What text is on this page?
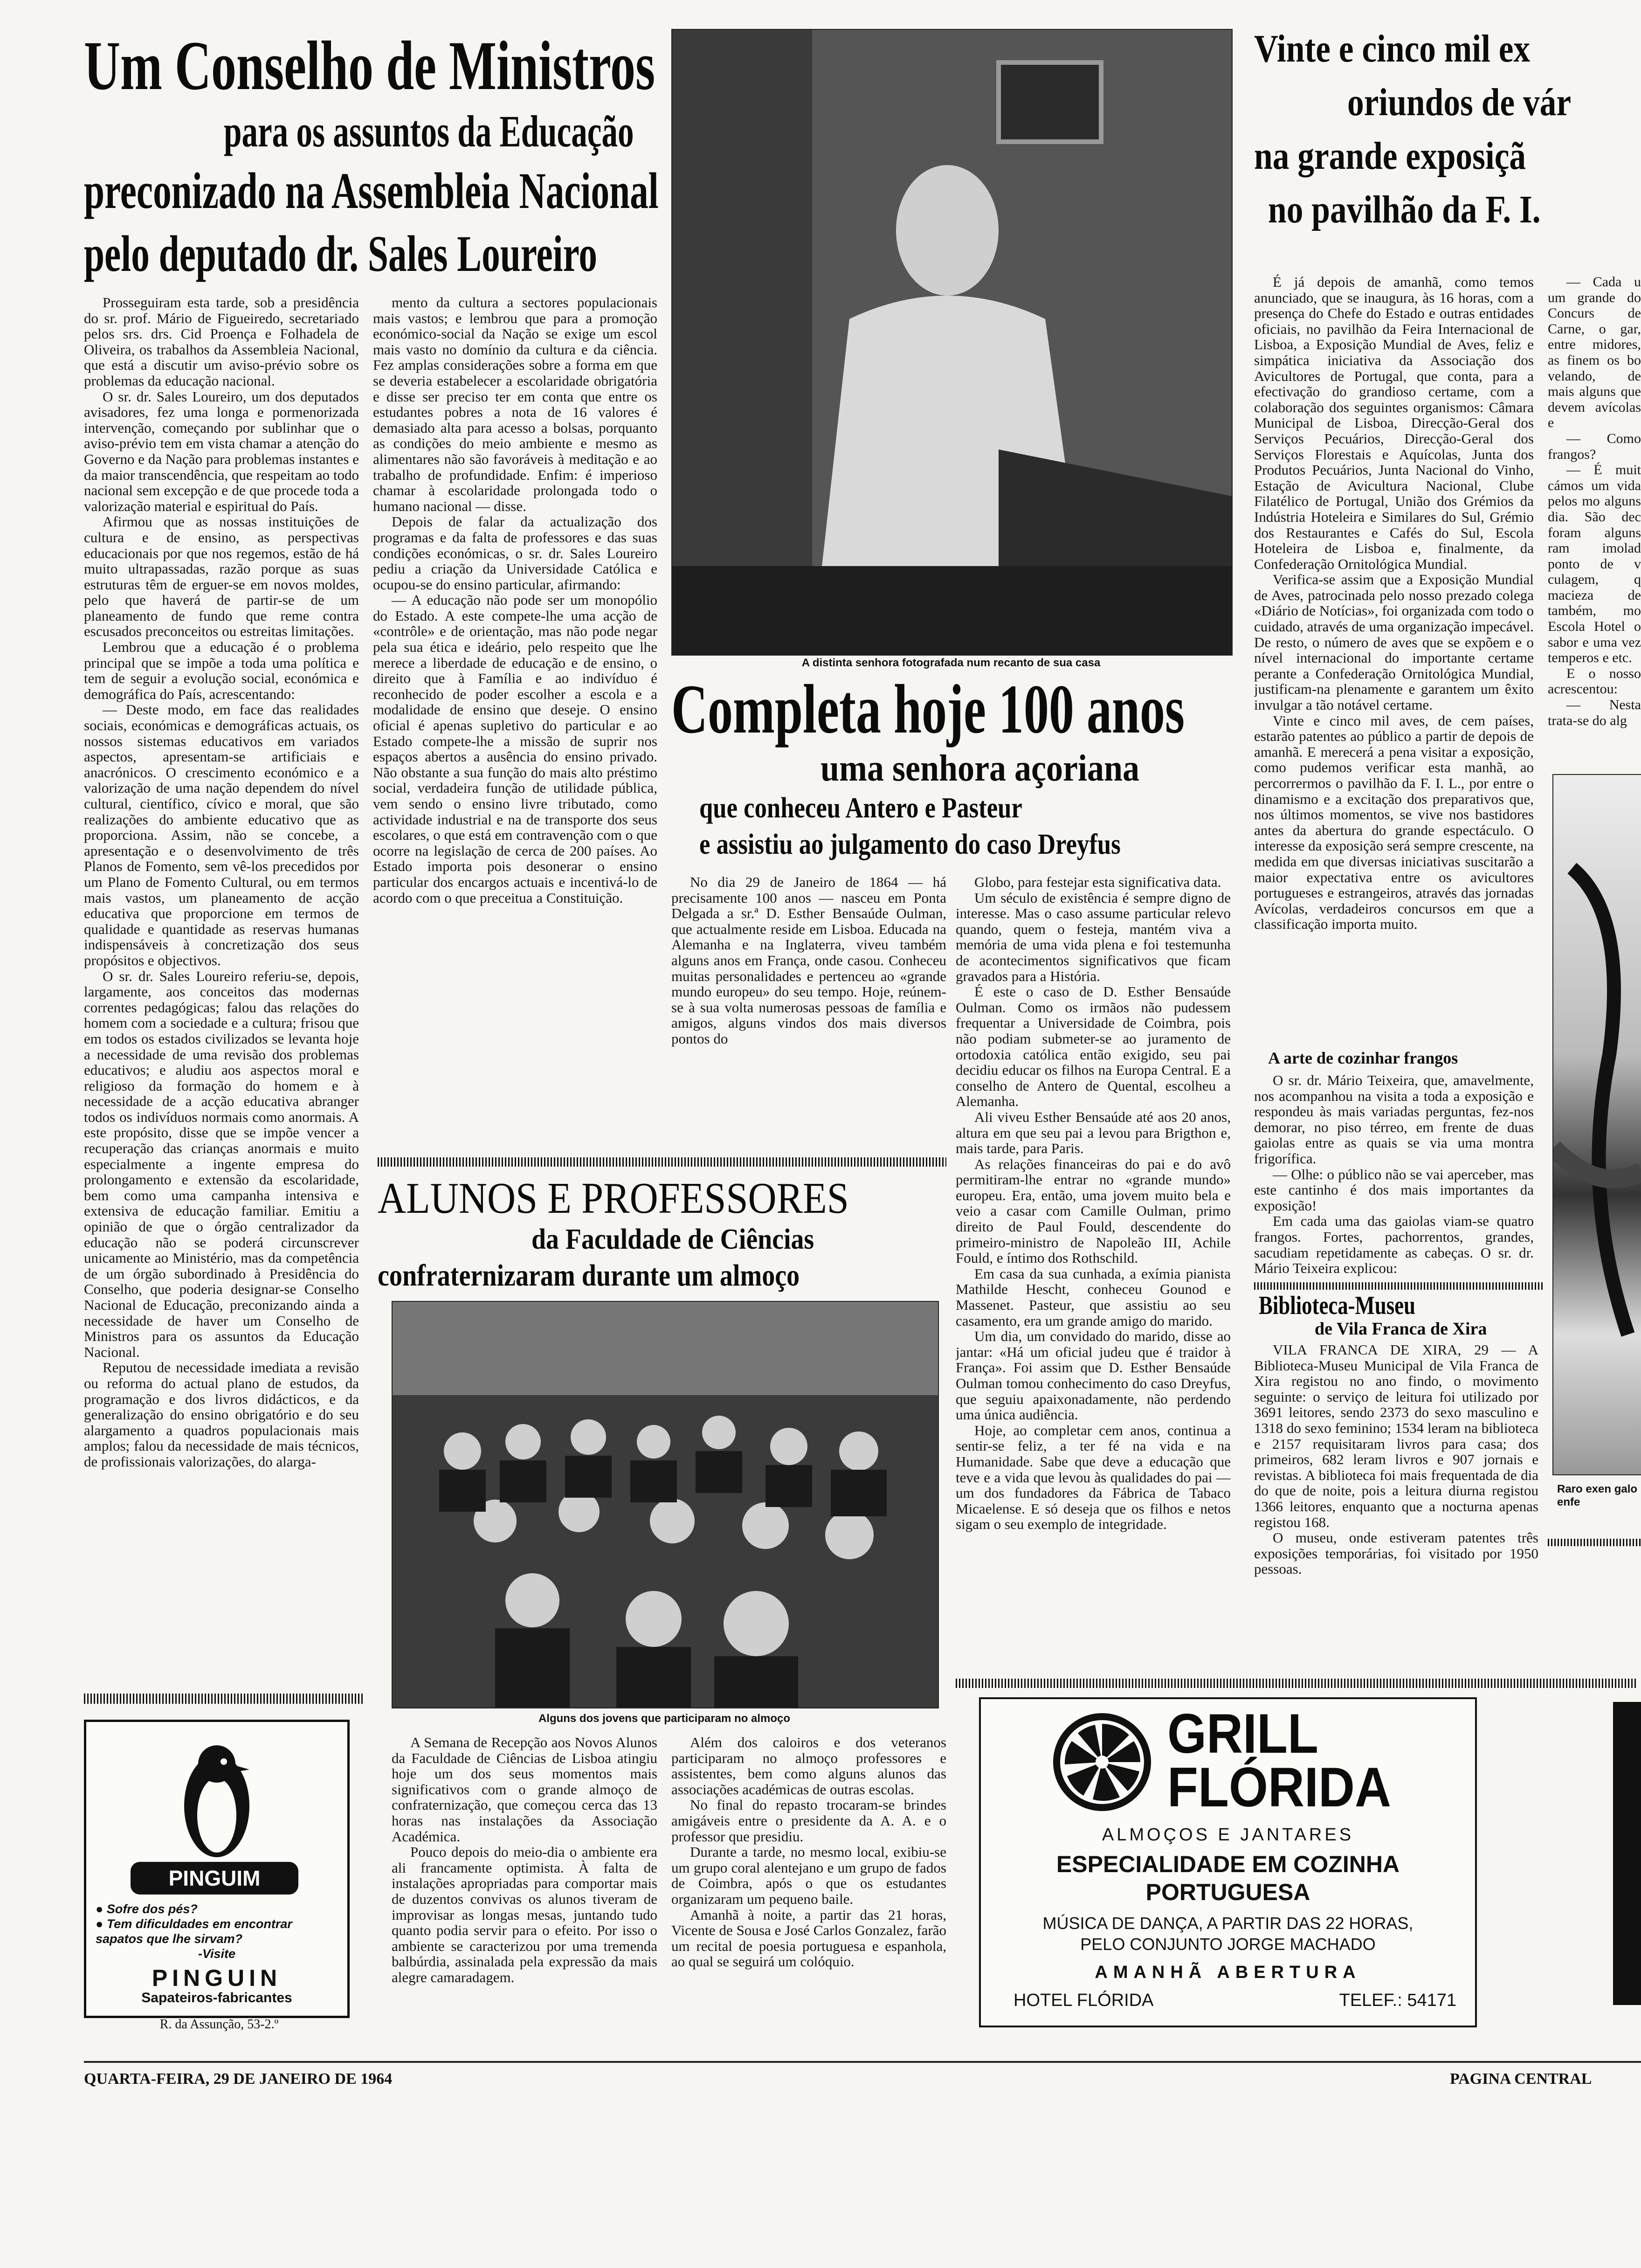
Um Conselho de Ministros
para os assuntos da Educação
preconizado na Assembleia Nacional
pelo deputado dr. Sales Loureiro

Prosseguiram esta tarde, sob a presidência do sr. prof. Mário de Figueiredo, secretariado pelos srs. drs. Cid Proença e Folhadela de Oliveira, os trabalhos da Assembleia Nacional, que está a discutir um aviso-prévio sobre os problemas da educação nacional.

O sr. dr. Sales Loureiro, um dos deputados avisadores, fez uma longa e pormenorizada intervenção, começando por sublinhar que o aviso-prévio tem em vista chamar a atenção do Governo e da Nação para problemas instantes e da maior transcendência, que respeitam ao todo nacional sem excepção e de que procede toda a valorização material e espiritual do País.

Afirmou que as nossas instituições de cultura e de ensino, as perspectivas educacionais por que nos regemos, estão de há muito ultrapassadas, razão porque as suas estruturas têm de erguer-se em novos moldes, pelo que haverá de partir-se de um planeamento de fundo que reme contra escusados preconceitos ou estreitas limitações.

Lembrou que a educação é o problema principal que se impõe a toda uma política e tem de seguir a evolução social, económica e demográfica do País, acrescentando:

— Deste modo, em face das realidades sociais, económicas e demográficas actuais, os nossos sistemas educativos em variados aspectos, apresentam-se artificiais e anacrónicos. O crescimento económico e a valorização de uma nação dependem do nível cultural, científico, cívico e moral, que são realizações do ambiente educativo que as proporciona. Assim, não se concebe, a apresentação e o desenvolvimento de três Planos de Fomento, sem vê-los precedidos por um Plano de Fomento Cultural, ou em termos mais vastos, um planeamento de acção educativa que proporcione em termos de qualidade e quantidade as reservas humanas indispensáveis à concretização dos seus propósitos e objectivos.

O sr. dr. Sales Loureiro referiu-se, depois, largamente, aos conceitos das modernas correntes pedagógicas; falou das relações do homem com a sociedade e a cultura; frisou que em todos os estados civilizados se levanta hoje a necessidade de uma revisão dos problemas educativos; e aludiu aos aspectos moral e religioso da formação do homem e à necessidade de a acção educativa abranger todos os indivíduos normais como anormais. A este propósito, disse que se impõe vencer a recuperação das crianças anormais e muito especialmente a ingente empresa do prolongamento e extensão da escolaridade, bem como uma campanha intensiva e extensiva de educação familiar. Emitiu a opinião de que o órgão centralizador da educação não se poderá circunscrever unicamente ao Ministério, mas da competência de um órgão subordinado à Presidência do Conselho, que poderia designar-se Conselho Nacional de Educação, preconizando ainda a necessidade de haver um Conselho de Ministros para os assuntos da Educação Nacional.

Reputou de necessidade imediata a revisão ou reforma do actual plano de estudos, da programação e dos livros didácticos, e da generalização do ensino obrigatório e do seu alargamento a quadros populacionais mais amplos; falou da necessidade de mais técnicos, de profissionais valorizações, do alarga-

mento da cultura a sectores populacionais mais vastos; e lembrou que para a promoção económico-social da Nação se exige um escol mais vasto no domínio da cultura e da ciência. Fez amplas considerações sobre a forma em que se deveria estabelecer a escolaridade obrigatória e disse ser preciso ter em conta que entre os estudantes pobres a nota de 16 valores é demasiado alta para acesso a bolsas, porquanto as condições do meio ambiente e mesmo as alimentares não são favoráveis à meditação e ao trabalho de profundidade. Enfim: é imperioso chamar à escolaridade prolongada todo o humano nacional — disse.

Depois de falar da actualização dos programas e da falta de professores e das suas condições económicas, o sr. dr. Sales Loureiro pediu a criação da Universidade Católica e ocupou-se do ensino particular, afirmando:

— A educação não pode ser um monopólio do Estado. A este compete-lhe uma acção de «contrôle» e de orientação, mas não pode negar pela sua ética e ideário, pelo respeito que lhe merece a liberdade de educação e de ensino, o direito que à Família e ao indivíduo é reconhecido de poder escolher a escola e a modalidade de ensino que deseje. O ensino oficial é apenas supletivo do particular e ao Estado compete-lhe a missão de suprir nos espaços abertos a ausência do ensino privado. Não obstante a sua função do mais alto préstimo social, verdadeira função de utilidade pública, vem sendo o ensino livre tributado, como actividade industrial e na de transporte dos seus escolares, o que está em contravenção com o que ocorre na legislação de cerca de 200 países. Ao Estado importa pois desonerar o ensino particular dos encargos actuais e incentivá-lo de acordo com o que preceitua a Constituição.

PINGUIM
● Sofre dos pés?
● Tem dificuldades em encontrar sapatos que lhe sirvam?
-Visite
PINGUIN
Sapateiros-fabricantes
R. da Assunção, 53-2.º
A distinta senhora fotografada num recanto de sua casa
Completa hoje 100 anos
uma senhora açoriana
que conheceu Antero e Pasteur
e assistiu ao julgamento do caso Dreyfus

No dia 29 de Janeiro de 1864 — há precisamente 100 anos — nasceu em Ponta Delgada a sr.ª D. Esther Bensaúde Oulman, que actualmente reside em Lisboa. Educada na Alemanha e na Inglaterra, viveu também alguns anos em França, onde casou. Conheceu muitas personalidades e pertenceu ao «grande mundo europeu» do seu tempo. Hoje, reúnem-se à sua volta numerosas pessoas de família e amigos, alguns vindos dos mais diversos pontos do

Globo, para festejar esta significativa data.

Um século de existência é sempre digno de interesse. Mas o caso assume particular relevo quando, quem o festeja, mantém viva a memória de uma vida plena e foi testemunha de acontecimentos significativos que ficam gravados para a História.

É este o caso de D. Esther Bensaúde Oulman. Como os irmãos não pudessem frequentar a Universidade de Coimbra, pois não podiam submeter-se ao juramento de ortodoxia católica então exigido, seu pai decidiu educar os filhos na Europa Central. E a conselho de Antero de Quental, escolheu a Alemanha.

Ali viveu Esther Bensaúde até aos 20 anos, altura em que seu pai a levou para Brigthon e, mais tarde, para Paris.

As relações financeiras do pai e do avô permitiram-lhe entrar no «grande mundo» europeu. Era, então, uma jovem muito bela e veio a casar com Camille Oulman, primo direito de Paul Fould, descendente do primeiro-ministro de Napoleão III, Achile Fould, e íntimo dos Rothschild.

Em casa da sua cunhada, a exímia pianista Mathilde Hescht, conheceu Gounod e Massenet. Pasteur, que assistiu ao seu casamento, era um grande amigo do marido.

Um dia, um convidado do marido, disse ao jantar: «Há um oficial judeu que é traidor à França». Foi assim que D. Esther Bensaúde Oulman tomou conhecimento do caso Dreyfus, que seguiu apaixonadamente, não perdendo uma única audiência.

Hoje, ao completar cem anos, continua a sentir-se feliz, a ter fé na vida e na Humanidade. Sabe que deve a educação que teve e a vida que levou às qualidades do pai — um dos fundadores da Fábrica de Tabaco Micaelense. E só deseja que os filhos e netos sigam o seu exemplo de integridade.

ALUNOS E PROFESSORES
da Faculdade de Ciências
confraternizaram durante um almoço
Alguns dos jovens que participaram no almoço

A Semana de Recepção aos Novos Alunos da Faculdade de Ciências de Lisboa atingiu hoje um dos seus momentos mais significativos com o grande almoço de confraternização, que começou cerca das 13 horas nas instalações da Associação Académica.

Pouco depois do meio-dia o ambiente era ali francamente optimista. À falta de instalações apropriadas para comportar mais de duzentos convivas os alunos tiveram de improvisar as longas mesas, juntando tudo quanto podia servir para o efeito. Por isso o ambiente se caracterizou por uma tremenda balbúrdia, assinalada pela expressão da mais alegre camaradagem.

Além dos caloiros e dos veteranos participaram no almoço professores e assistentes, bem como alguns alunos das associações académicas de outras escolas.

No final do repasto trocaram-se brindes amigáveis entre o presidente da A. A. e o professor que presidiu.

Durante a tarde, no mesmo local, exibiu-se um grupo coral alentejano e um grupo de fados de Coimbra, após o que os estudantes organizaram um pequeno baile.

Amanhã à noite, a partir das 21 horas, Vicente de Sousa e José Carlos Gonzalez, farão um recital de poesia portuguesa e espanhola, ao qual se seguirá um colóquio.

GRILL
FLÓRIDA
ALMOÇOS E JANTARES
ESPECIALIDADE EM COZINHA
PORTUGUESA
MÚSICA DE DANÇA, A PARTIR DAS 22 HORAS,
PELO CONJUNTO JORGE MACHADO
AMANHÃ ABERTURA
HOTEL FLÓRIDA	TELEF.: 54171
Vinte e cinco mil ex
oriundos de vár
na grande exposiçã
no pavilhão da F. I.

É já depois de amanhã, como temos anunciado, que se inaugura, às 16 horas, com a presença do Chefe do Estado e outras entidades oficiais, no pavilhão da Feira Internacional de Lisboa, a Exposição Mundial de Aves, feliz e simpática iniciativa da Associação dos Avicultores de Portugal, que conta, para a efectivação do grandioso certame, com a colaboração dos seguintes organismos: Câmara Municipal de Lisboa, Direcção-Geral dos Serviços Pecuários, Direcção-Geral dos Serviços Florestais e Aquícolas, Junta dos Produtos Pecuários, Junta Nacional do Vinho, Estação de Avicultura Nacional, Clube Filatélico de Portugal, União dos Grémios da Indústria Hoteleira e Similares do Sul, Grémio dos Restaurantes e Cafés do Sul, Escola Hoteleira de Lisboa e, finalmente, da Confederação Ornitológica Mundial.

Verifica-se assim que a Exposição Mundial de Aves, patrocinada pelo nosso prezado colega «Diário de Notícias», foi organizada com todo o cuidado, através de uma organização impecável. De resto, o número de aves que se expõem e o nível internacional do importante certame perante a Confederação Ornitológica Mundial, justificam-na plenamente e garantem um êxito invulgar a tão notável certame.

Vinte e cinco mil aves, de cem países, estarão patentes ao público a partir de depois de amanhã. E merecerá a pena visitar a exposição, como pudemos verificar esta manhã, ao percorrermos o pavilhão da F. I. L., por entre o dinamismo e a excitação dos preparativos que, nos últimos momentos, se vive nos bastidores antes da abertura do grande espectáculo. O interesse da exposição será sempre crescente, na medida em que diversas iniciativas suscitarão a maior expectativa entre os avicultores portugueses e estrangeiros, através das jornadas Avícolas, verdadeiros concursos em que a classificação importa muito.

A arte de cozinhar frangos

O sr. dr. Mário Teixeira, que, amavelmente, nos acompanhou na visita a toda a exposição e respondeu às mais variadas perguntas, fez-nos demorar, no piso térreo, em frente de duas gaiolas entre as quais se via uma montra frigorífica.

— Olhe: o público não se vai aperceber, mas este cantinho é dos mais importantes da exposição!

Em cada uma das gaiolas viam-se quatro frangos. Fortes, pachorrentos, grandes, sacudiam repetidamente as cabeças. O sr. dr. Mário Teixeira explicou:

Biblioteca-Museu
de Vila Franca de Xira

VILA FRANCA DE XIRA, 29 — A Biblioteca-Museu Municipal de Vila Franca de Xira registou no ano findo, o movimento seguinte: o serviço de leitura foi utilizado por 3691 leitores, sendo 2373 do sexo masculino e 1318 do sexo feminino; 1534 leram na biblioteca e 2157 requisitaram livros para casa; dos primeiros, 682 leram livros e 907 jornais e revistas. A biblioteca foi mais frequentada de dia do que de noite, pois a leitura diurna registou 1366 leitores, enquanto que a nocturna apenas registou 168.

O museu, onde estiveram patentes três exposições temporárias, foi visitado por 1950 pessoas.

— Cada u um grande do Concurs de Carne, o gar, entre midores, as finem os bo velando, de mais alguns que devem avícolas e

— Como frangos?

— É muit cámos um vida pelos mo alguns dia. São dec foram alguns ram imolad ponto de v culagem, q macieza de também, mo Escola Hotel o sabor e uma vez temperos e etc.

E o nosso acrescentou:

— Nesta trata-se do alg

Raro exen galo enfe
QUARTA-FEIRA, 29 DE JANEIRO DE 1964	PAGINA CENTRAL
